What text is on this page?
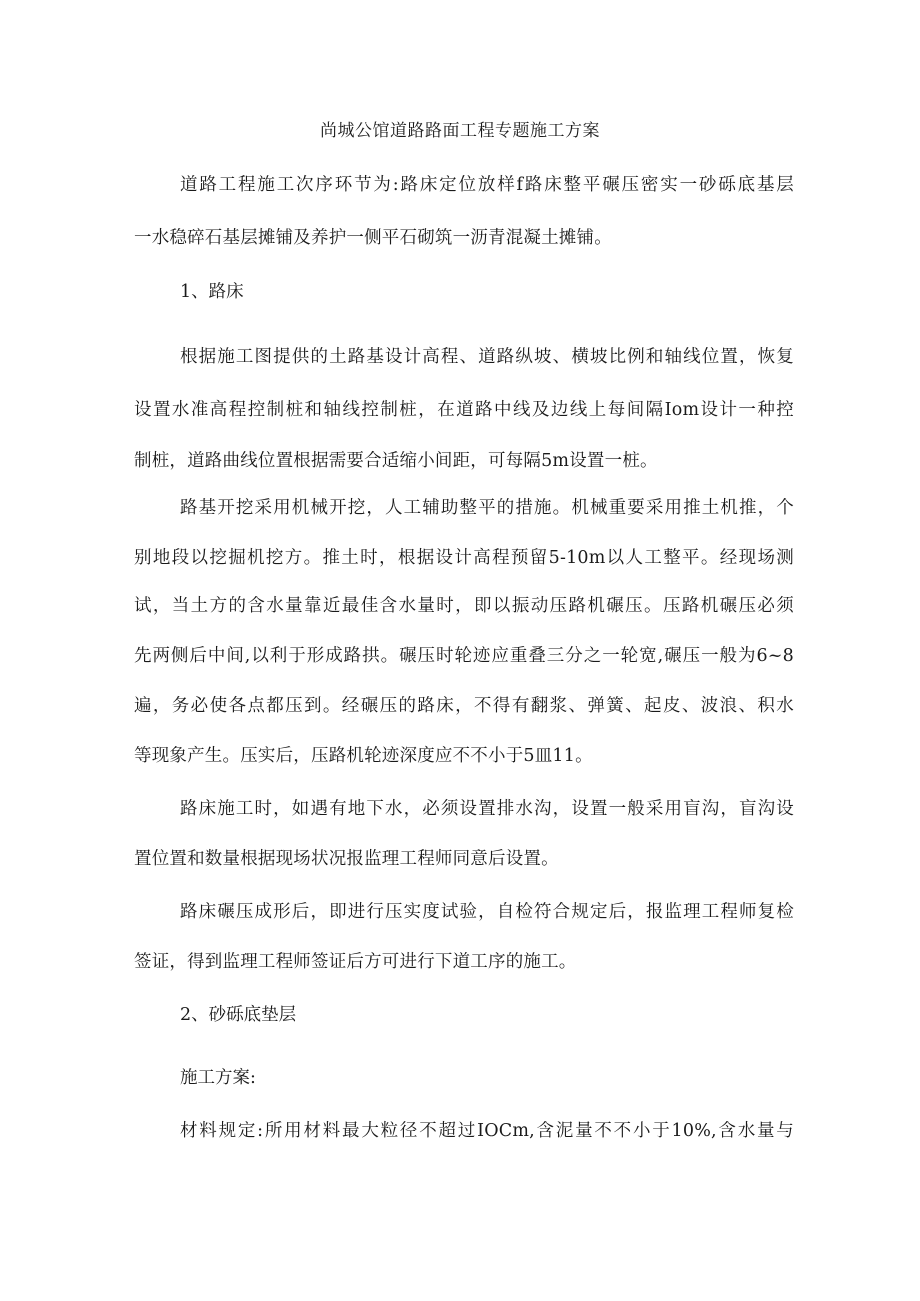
尚城公馆道路路面工程专题施工方案

道路工程施工次序环节为:路床定位放样f路床整平碾压密实一砂砾底基层

一水稳碎石基层摊铺及养护一侧平石砌筑一沥青混凝土摊铺。

1、路床

根据施工图提供的土路基设计高程、道路纵坡、横坡比例和轴线位置，恢复

设置水准高程控制桩和轴线控制桩，在道路中线及边线上每间隔Iom设计一种控

制桩，道路曲线位置根据需要合适缩小间距，可每隔5m设置一桩。

路基开挖采用机械开挖，人工辅助整平的措施。机械重要采用推土机推，个

别地段以挖掘机挖方。推土时，根据设计高程预留5-10m以人工整平。经现场测

试，当土方的含水量靠近最佳含水量时，即以振动压路机碾压。压路机碾压必须

先两侧后中间,以利于形成路拱。碾压时轮迹应重叠三分之一轮宽,碾压一般为6~8

遍，务必使各点都压到。经碾压的路床，不得有翻浆、弹簧、起皮、波浪、积水

等现象产生。压实后，压路机轮迹深度应不不小于5皿11。

路床施工时，如遇有地下水，必须设置排水沟，设置一般采用盲沟，盲沟设

置位置和数量根据现场状况报监理工程师同意后设置。

路床碾压成形后，即进行压实度试验，自检符合规定后，报监理工程师复检

签证，得到监理工程师签证后方可进行下道工序的施工。

2、砂砾底垫层

施工方案:

材料规定:所用材料最大粒径不超过IOCm,含泥量不不小于10%,含水量与
